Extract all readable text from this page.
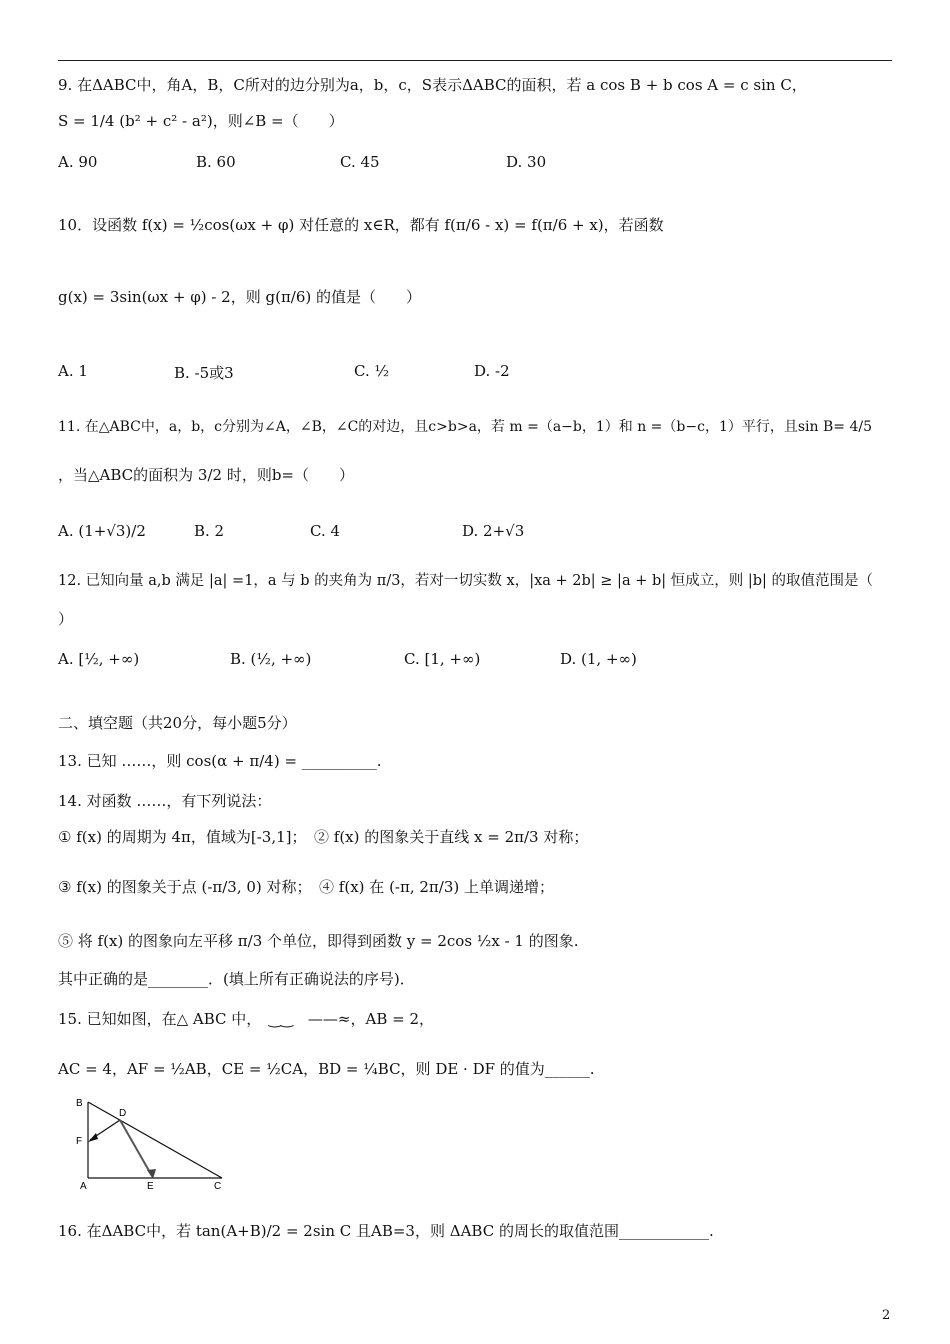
9. 在ΔABC中，角A，B，C所对的边分别为a，b，c，S表示ΔABC的面积，若 a cos B + b cos A = c sin C，
S = 1/4 (b² + c² - a²)，则∠B =（　　）
A. 90	B. 60	C. 45	D. 30
10．设函数 f(x) = ½cos(ωx + φ) 对任意的 x∈R，都有 f(π/6 - x) = f(π/6 + x)，若函数
g(x) = 3sin(ωx + φ) - 2，则 g(π/6) 的值是（　　）
A. 1	B. -5或3	C. ½	D. -2
11. 在△ABC中，a，b，c分别为∠A，∠B，∠C的对边，且c>b>a，若 m =（a−b，1）和 n =（b−c，1）平行，且sin B= 4/5
，当△ABC的面积为 3/2 时，则b=（　　）
A. (1+√3)/2	B. 2	C. 4	D. 2+√3
12. 已知向量 a,b 满足 |a| =1，a 与 b 的夹角为 π/3，若对一切实数 x，|xa + 2b| ≥ |a + b| 恒成立，则 |b| 的取值范围是（
）
A. [½, +∞)	B. (½, +∞)	C. [1, +∞)	D. (1, +∞)
二、填空题（共20分，每小题5分）
13. 已知 ……，则 cos(α + π/4) = __________.
14. 对函数 ……，有下列说法：
① f(x) 的周期为 4π，值域为[-3,1]；　② f(x) 的图象关于直线 x = 2π/3 对称；
③ f(x) 的图象关于点 (-π/3, 0) 对称；　④ f(x) 在 (-π, 2π/3) 上单调递增；
⑤ 将 f(x) 的图象向左平移 π/3 个单位，即得到函数 y = 2cos ½x - 1 的图象.
其中正确的是________．(填上所有正确说法的序号)．
15. 已知如图，在△ ABC 中，　‿‿　——≈，AB = 2，
AC = 4，AF = ½AB，CE = ½CA，BD = ¼BC，则 DE · DF 的值为______.
B
D
F
A	E	C
16. 在ΔABC中，若 tan(A+B)/2 = 2sin C 且AB=3，则 ΔABC 的周长的取值范围____________.
2
